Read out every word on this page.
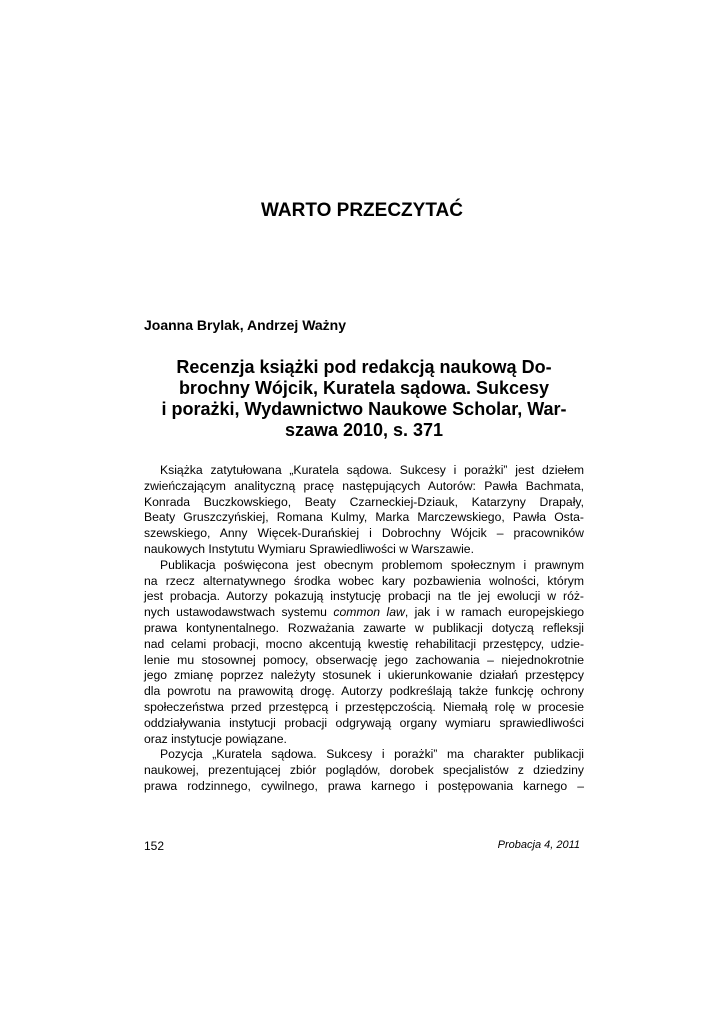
WARTO PRZECZYTAĆ

Joanna Brylak, Andrzej Ważny

Recenzja książki pod redakcją naukową Do-
brochny Wójcik, Kuratela sądowa. Sukcesy
i porażki, Wydawnictwo Naukowe Scholar, War-
szawa 2010, s. 371
Książka zatytułowana „Kuratela sądowa. Sukcesy i porażki” jest dziełem
zwieńczającym analityczną pracę następujących Autorów: Pawła Bachmata,
Konrada Buczkowskiego, Beaty Czarneckiej-Dziauk, Katarzyny Drapały,
Beaty Gruszczyńskiej, Romana Kulmy, Marka Marczewskiego, Pawła Osta-
szewskiego, Anny Więcek-Durańskiej i Dobrochny Wójcik – pracowników
naukowych Instytutu Wymiaru Sprawiedliwości w Warszawie.
Publikacja poświęcona jest obecnym problemom społecznym i prawnym
na rzecz alternatywnego środka wobec kary pozbawienia wolności, którym
jest probacja. Autorzy pokazują instytucję probacji na tle jej ewolucji w róż-
nych ustawodawstwach systemu common law, jak i w ramach europejskiego
prawa kontynentalnego. Rozważania zawarte w publikacji dotyczą refleksji
nad celami probacji, mocno akcentują kwestię rehabilitacji przestępcy, udzie-
lenie mu stosownej pomocy, obserwację jego zachowania – niejednokrotnie
jego zmianę poprzez należyty stosunek i ukierunkowanie działań przestępcy
dla powrotu na prawowitą drogę. Autorzy podkreślają także funkcję ochrony
społeczeństwa przed przestępcą i przestępczością. Niemałą rolę w procesie
oddziaływania instytucji probacji odgrywają organy wymiaru sprawiedliwości
oraz instytucje powiązane.
Pozycja „Kuratela sądowa. Sukcesy i porażki” ma charakter publikacji
naukowej, prezentującej zbiór poglądów, dorobek specjalistów z dziedziny
prawa rodzinnego, cywilnego, prawa karnego i postępowania karnego –

152	Probacja 4, 2011
